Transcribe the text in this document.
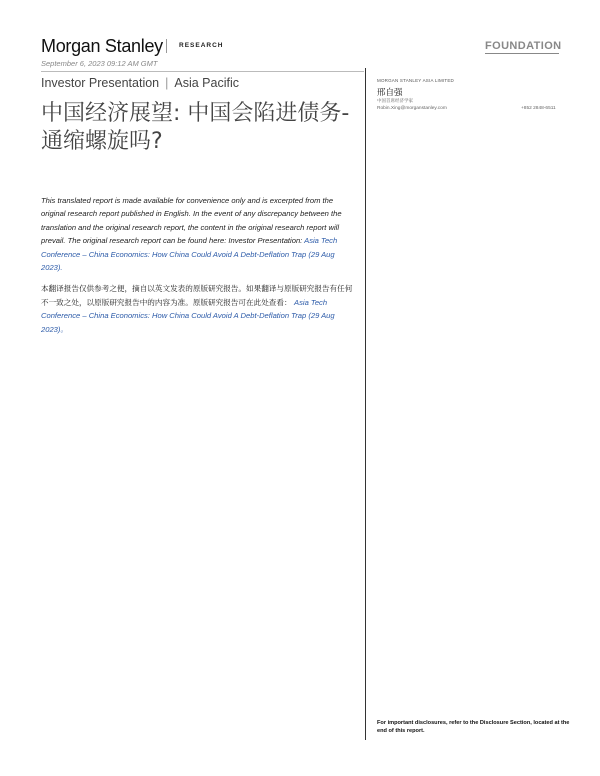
Morgan Stanley RESEARCH	FOUNDATION
September 6, 2023 09:12 AM GMT
Investor Presentation | Asia Pacific
中国经济展望: 中国会陷进债务-通缩螺旋吗?
MORGAN STANLEY ASIA LIMITED
邢自强
中国首席经济学家
Robin.Xing@morganstanley.com	+852 2848-6511
This translated report is made available for convenience only and is excerpted from the original research report published in English. In the event of any discrepancy between the translation and the original research report, the content in the original research report will prevail. The original research report can be found here: Investor Presentation: Asia Tech Conference – China Economics: How China Could Avoid A Debt-Deflation Trap (29 Aug 2023).
本翻译报告仅供参考之便，摘自以英文发表的原版研究报告。如果翻译与原版研究报告有任何不一致之处，以原版研究报告中的内容为准。原版研究报告可在此处查看： Asia Tech Conference – China Economics: How China Could Avoid A Debt-Deflation Trap (29 Aug 2023)。
For important disclosures, refer to the Disclosure Section, located at the end of this report.
